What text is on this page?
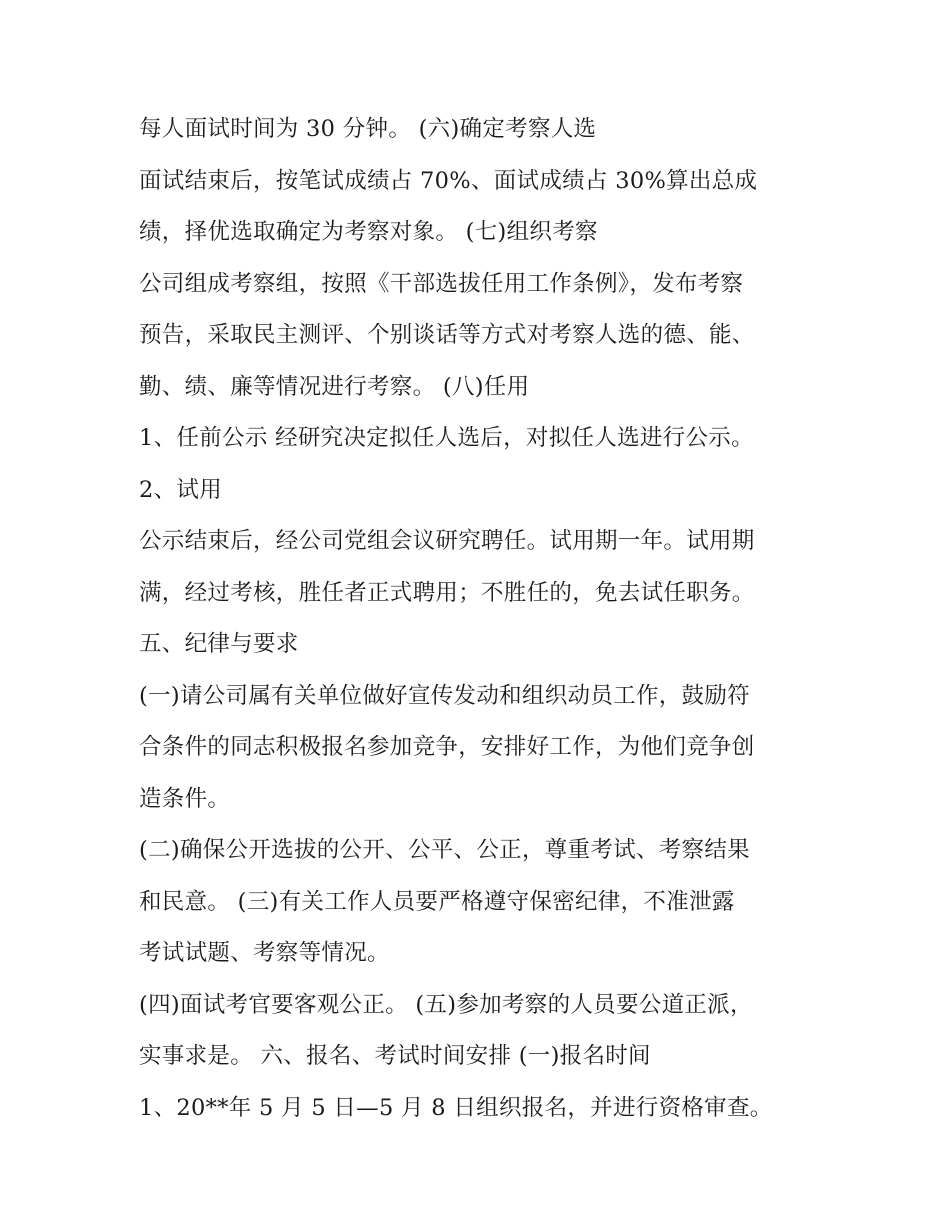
每人面试时间为 30 分钟。 (六)确定考察人选
面试结束后，按笔试成绩占 70%、面试成绩占 30%算出总成
绩，择优选取确定为考察对象。 (七)组织考察
公司组成考察组，按照《干部选拔任用工作条例》，发布考察
预告，采取民主测评、个别谈话等方式对考察人选的德、能、
勤、绩、廉等情况进行考察。 (八)任用
1、任前公示 经研究决定拟任人选后，对拟任人选进行公示。
2、试用
公示结束后，经公司党组会议研究聘任。试用期一年。试用期
满，经过考核，胜任者正式聘用；不胜任的，免去试任职务。
五、纪律与要求
(一)请公司属有关单位做好宣传发动和组织动员工作，鼓励符
合条件的同志积极报名参加竞争，安排好工作，为他们竞争创
造条件。
(二)确保公开选拔的公开、公平、公正，尊重考试、考察结果
和民意。 (三)有关工作人员要严格遵守保密纪律，不准泄露
考试试题、考察等情况。
(四)面试考官要客观公正。 (五)参加考察的人员要公道正派，
实事求是。 六、报名、考试时间安排 (一)报名时间
1、20**年 5 月 5 日—5 月 8 日组织报名，并进行资格审查。
